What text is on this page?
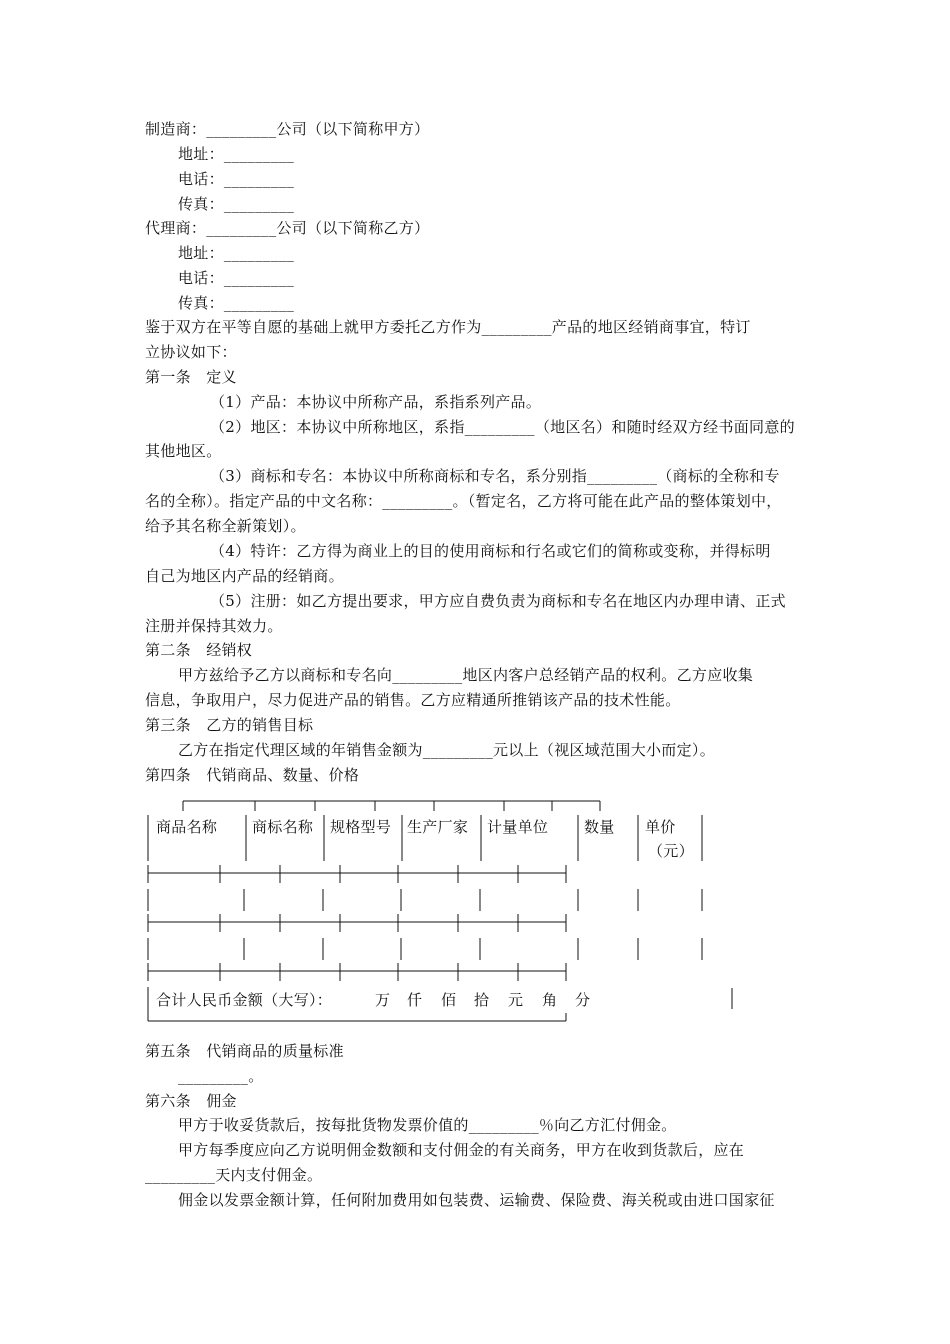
制造商：_________公司（以下简称甲方）
地址：_________
电话：_________
传真：_________
代理商：_________公司（以下简称乙方）
地址：_________
电话：_________
传真：_________
鉴于双方在平等自愿的基础上就甲方委托乙方作为_________产品的地区经销商事宜，特订
立协议如下：
第一条　定义
（1）产品：本协议中所称产品，系指系列产品。
（2）地区：本协议中所称地区，系指_________（地区名）和随时经双方经书面同意的
其他地区。
（3）商标和专名：本协议中所称商标和专名，系分别指_________（商标的全称和专
名的全称）。指定产品的中文名称：_________。（暂定名，乙方将可能在此产品的整体策划中，
给予其名称全新策划）。
（4）特许：乙方得为商业上的目的使用商标和行名或它们的简称或变称，并得标明
自己为地区内产品的经销商。
（5）注册：如乙方提出要求，甲方应自费负责为商标和专名在地区内办理申请、正式
注册并保持其效力。
第二条　经销权
甲方兹给予乙方以商标和专名向_________地区内客户总经销产品的权利。乙方应收集
信息，争取用户，尽力促进产品的销售。乙方应精通所推销该产品的技术性能。
第三条　乙方的销售目标
乙方在指定代理区域的年销售金额为_________元以上（视区域范围大小而定）。
第四条　代销商品、数量、价格
商品名称 商标名称 规格型号 生产厂家 计量单位 数量 单价
（元）
合计人民币金额（大写）：	万 仟 佰 拾 元 角 分
第五条　代销商品的质量标准
_________。
第六条　佣金
甲方于收妥货款后，按每批货物发票价值的_________％向乙方汇付佣金。
甲方每季度应向乙方说明佣金数额和支付佣金的有关商务，甲方在收到货款后，应在
_________天内支付佣金。
佣金以发票金额计算，任何附加费用如包装费、运输费、保险费、海关税或由进口国家征
